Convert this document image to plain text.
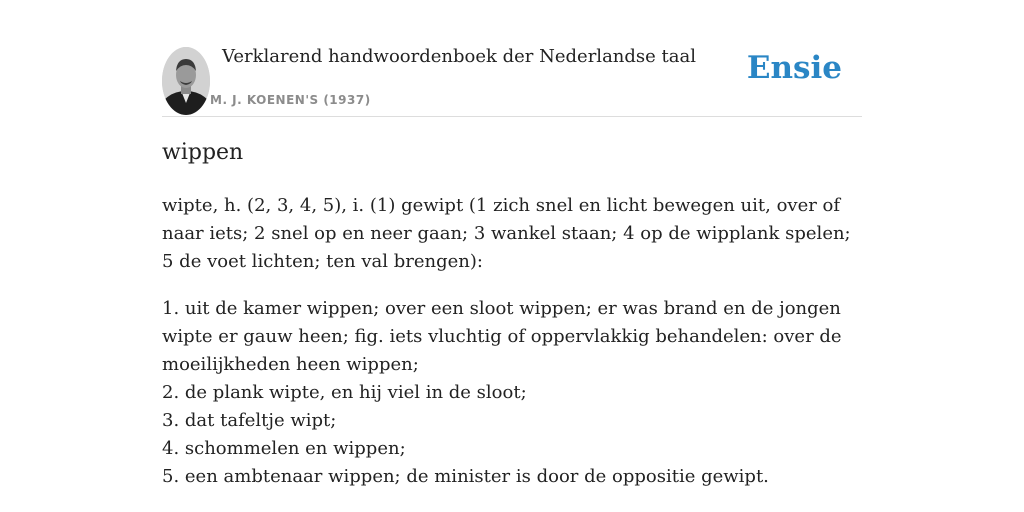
Verklarend handwoordenboek der Nederlandse taal
M. J. KOENEN'S (1937)
Ensie
wippen

wipte, h. (2, 3, 4, 5), i. (1) gewipt (1 zich snel en licht bewegen uit, over of naar iets; 2 snel op en neer gaan; 3 wankel staan; 4 op de wipplank spelen; 5 de voet lichten; ten val brengen):

1. uit de kamer wippen; over een sloot wippen; er was brand en de jongen wipte er gauw heen; fig. iets vluchtig of oppervlakkig behandelen: over de moeilijkheden heen wippen;
2. de plank wipte, en hij viel in de sloot;
3. dat tafeltje wipt;
4. schommelen en wippen;
5. een ambtenaar wippen; de minister is door de oppositie gewipt.
